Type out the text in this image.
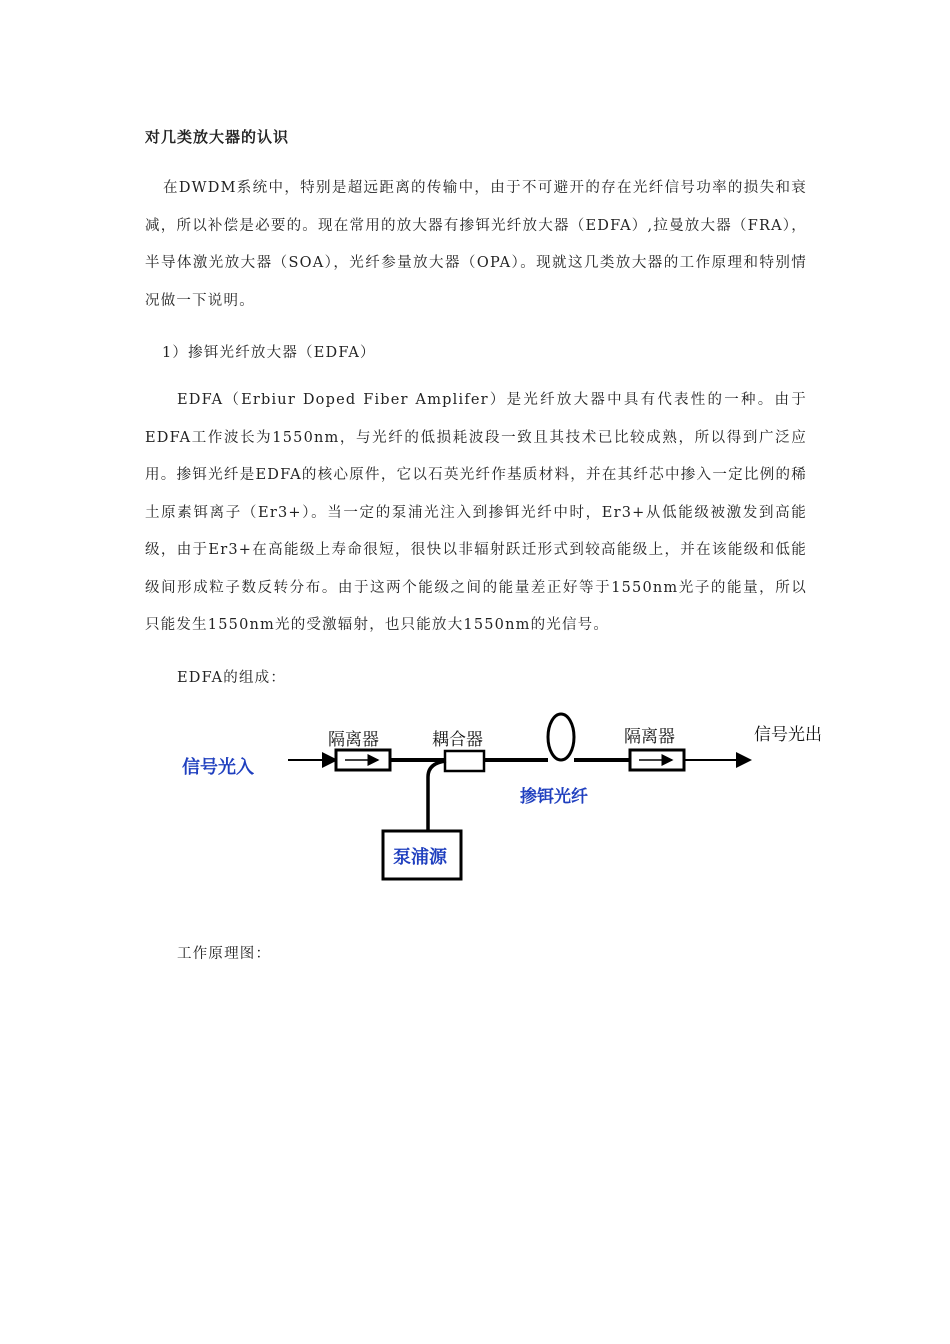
对几类放大器的认识

在DWDM系统中，特别是超远距离的传输中，由于不可避开的存在光纤信号功率的损失和衰减，所以补偿是必要的。现在常用的放大器有掺铒光纤放大器（EDFA）,拉曼放大器（FRA），半导体激光放大器（SOA），光纤参量放大器（OPA）。现就这几类放大器的工作原理和特别情况做一下说明。

1）掺铒光纤放大器（EDFA）

EDFA（Erbiur Doped Fiber Amplifer）是光纤放大器中具有代表性的一种。由于EDFA工作波长为1550nm，与光纤的低损耗波段一致且其技术已比较成熟，所以得到广泛应用。掺铒光纤是EDFA的核心原件，它以石英光纤作基质材料，并在其纤芯中掺入一定比例的稀土原素铒离子（Er3+）。当一定的泵浦光注入到掺铒光纤中时，Er3+从低能级被激发到高能级，由于Er3+在高能级上寿命很短，很快以非辐射跃迁形式到较高能级上，并在该能级和低能级间形成粒子数反转分布。由于这两个能级之间的能量差正好等于1550nm光子的能量，所以只能发生1550nm光的受激辐射，也只能放大1550nm的光信号。

EDFA的组成：

信号光入
隔离器	耦合器	隔离器	信号光出
掺铒光纤
泵浦源

工作原理图：
